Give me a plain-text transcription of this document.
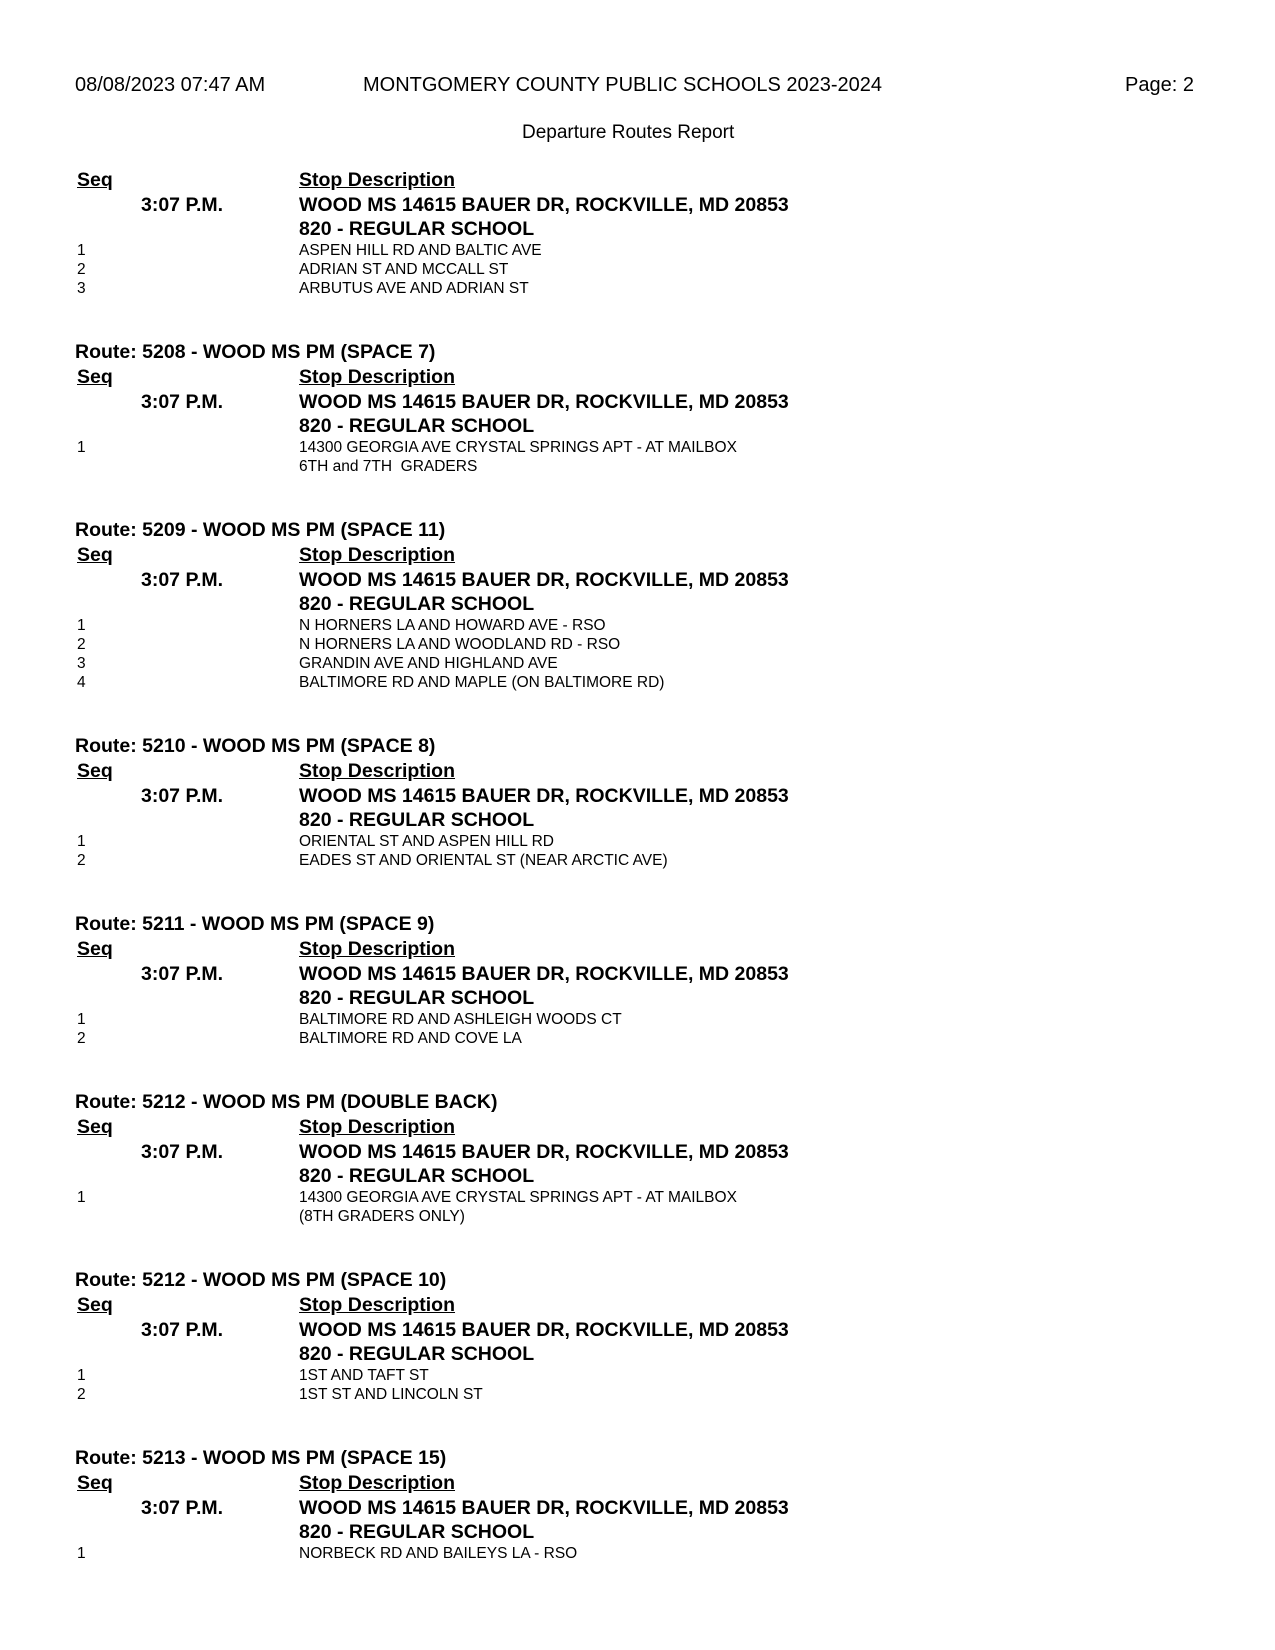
08/08/2023 07:47 AM	MONTGOMERY COUNTY PUBLIC SCHOOLS 2023-2024	Page: 2
Departure Routes Report
Seq	Stop Description
3:07 P.M.	WOOD MS 14615 BAUER DR, ROCKVILLE, MD 20853
820 - REGULAR SCHOOL
1	ASPEN HILL RD AND BALTIC AVE
2	ADRIAN ST AND MCCALL ST
3	ARBUTUS AVE AND ADRIAN ST
Route: 5208 - WOOD MS PM (SPACE 7)
Seq	Stop Description
3:07 P.M.	WOOD MS 14615 BAUER DR, ROCKVILLE, MD 20853
820 - REGULAR SCHOOL
1	14300 GEORGIA AVE CRYSTAL SPRINGS APT - AT MAILBOX
6TH and 7TH  GRADERS
Route: 5209 - WOOD MS PM (SPACE 11)
Seq	Stop Description
3:07 P.M.	WOOD MS 14615 BAUER DR, ROCKVILLE, MD 20853
820 - REGULAR SCHOOL
1	N HORNERS LA AND HOWARD AVE - RSO
2	N HORNERS LA AND WOODLAND RD - RSO
3	GRANDIN AVE AND HIGHLAND AVE
4	BALTIMORE RD AND MAPLE (ON BALTIMORE RD)
Route: 5210 - WOOD MS PM (SPACE 8)
Seq	Stop Description
3:07 P.M.	WOOD MS 14615 BAUER DR, ROCKVILLE, MD 20853
820 - REGULAR SCHOOL
1	ORIENTAL ST AND ASPEN HILL RD
2	EADES ST AND ORIENTAL ST (NEAR ARCTIC AVE)
Route: 5211 - WOOD MS PM (SPACE 9)
Seq	Stop Description
3:07 P.M.	WOOD MS 14615 BAUER DR, ROCKVILLE, MD 20853
820 - REGULAR SCHOOL
1	BALTIMORE RD AND ASHLEIGH WOODS CT
2	BALTIMORE RD AND COVE LA
Route: 5212 - WOOD MS PM (DOUBLE BACK)
Seq	Stop Description
3:07 P.M.	WOOD MS 14615 BAUER DR, ROCKVILLE, MD 20853
820 - REGULAR SCHOOL
1	14300 GEORGIA AVE CRYSTAL SPRINGS APT - AT MAILBOX
(8TH GRADERS ONLY)
Route: 5212 - WOOD MS PM (SPACE 10)
Seq	Stop Description
3:07 P.M.	WOOD MS 14615 BAUER DR, ROCKVILLE, MD 20853
820 - REGULAR SCHOOL
1	1ST AND TAFT ST
2	1ST ST AND LINCOLN ST
Route: 5213 - WOOD MS PM (SPACE 15)
Seq	Stop Description
3:07 P.M.	WOOD MS 14615 BAUER DR, ROCKVILLE, MD 20853
820 - REGULAR SCHOOL
1	NORBECK RD AND BAILEYS LA - RSO
